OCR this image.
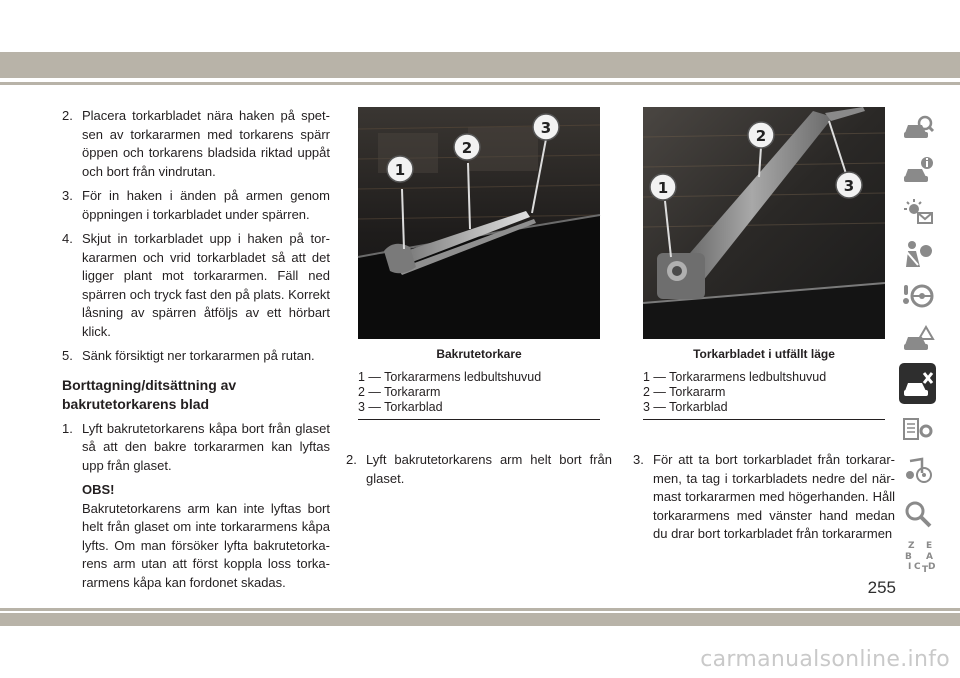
2. Placera torkarbladet nära haken på spetsen av torkararmen med torkarens spärr öppen och torkarens bladsida riktad uppåt och bort från vindrutan.
3. För in haken i änden på armen genom öppningen i torkarbladet under spärren.
4. Skjut in torkarbladet upp i haken på torkararmen och vrid torkarbladet så att det ligger plant mot torkararmen. Fäll ned spärren och tryck fast den på plats. Korrekt låsning av spärren åtföljs av ett hörbart klick.
5. Sänk försiktigt ner torkararmen på rutan.
Borttagning/ditsättning av bakrutetorkarens blad
1. Lyft bakrutetorkarens kåpa bort från glaset så att den bakre torkararmen kan lyftas upp från glaset.
OBS!
Bakrutetorkarens arm kan inte lyftas bort helt från glaset om inte torkararmens kåpa lyfts. Om man försöker lyfta bakrutetorkarens arm utan att först koppla loss torkararmens kåpa kan fordonet skadas.
1
2
3
Bakrutetorkare
1 — Torkararmens ledbultshuvud
2 — Torkararm
3 — Torkarblad
1
2
3
Torkarbladet i utfällt läge
1 — Torkararmens ledbultshuvud
2 — Torkararm
3 — Torkarblad
2. Lyft bakrutetorkarens arm helt bort från glaset.
3. För att ta bort torkarbladet från torkararmen, ta tag i torkarbladets nedre del närmast torkararmen med högerhanden. Håll torkararmens med vänster hand medan du drar bort torkarbladet från torkararmen
Z E
B A
C D
T
I
255
carmanualsonline.info
